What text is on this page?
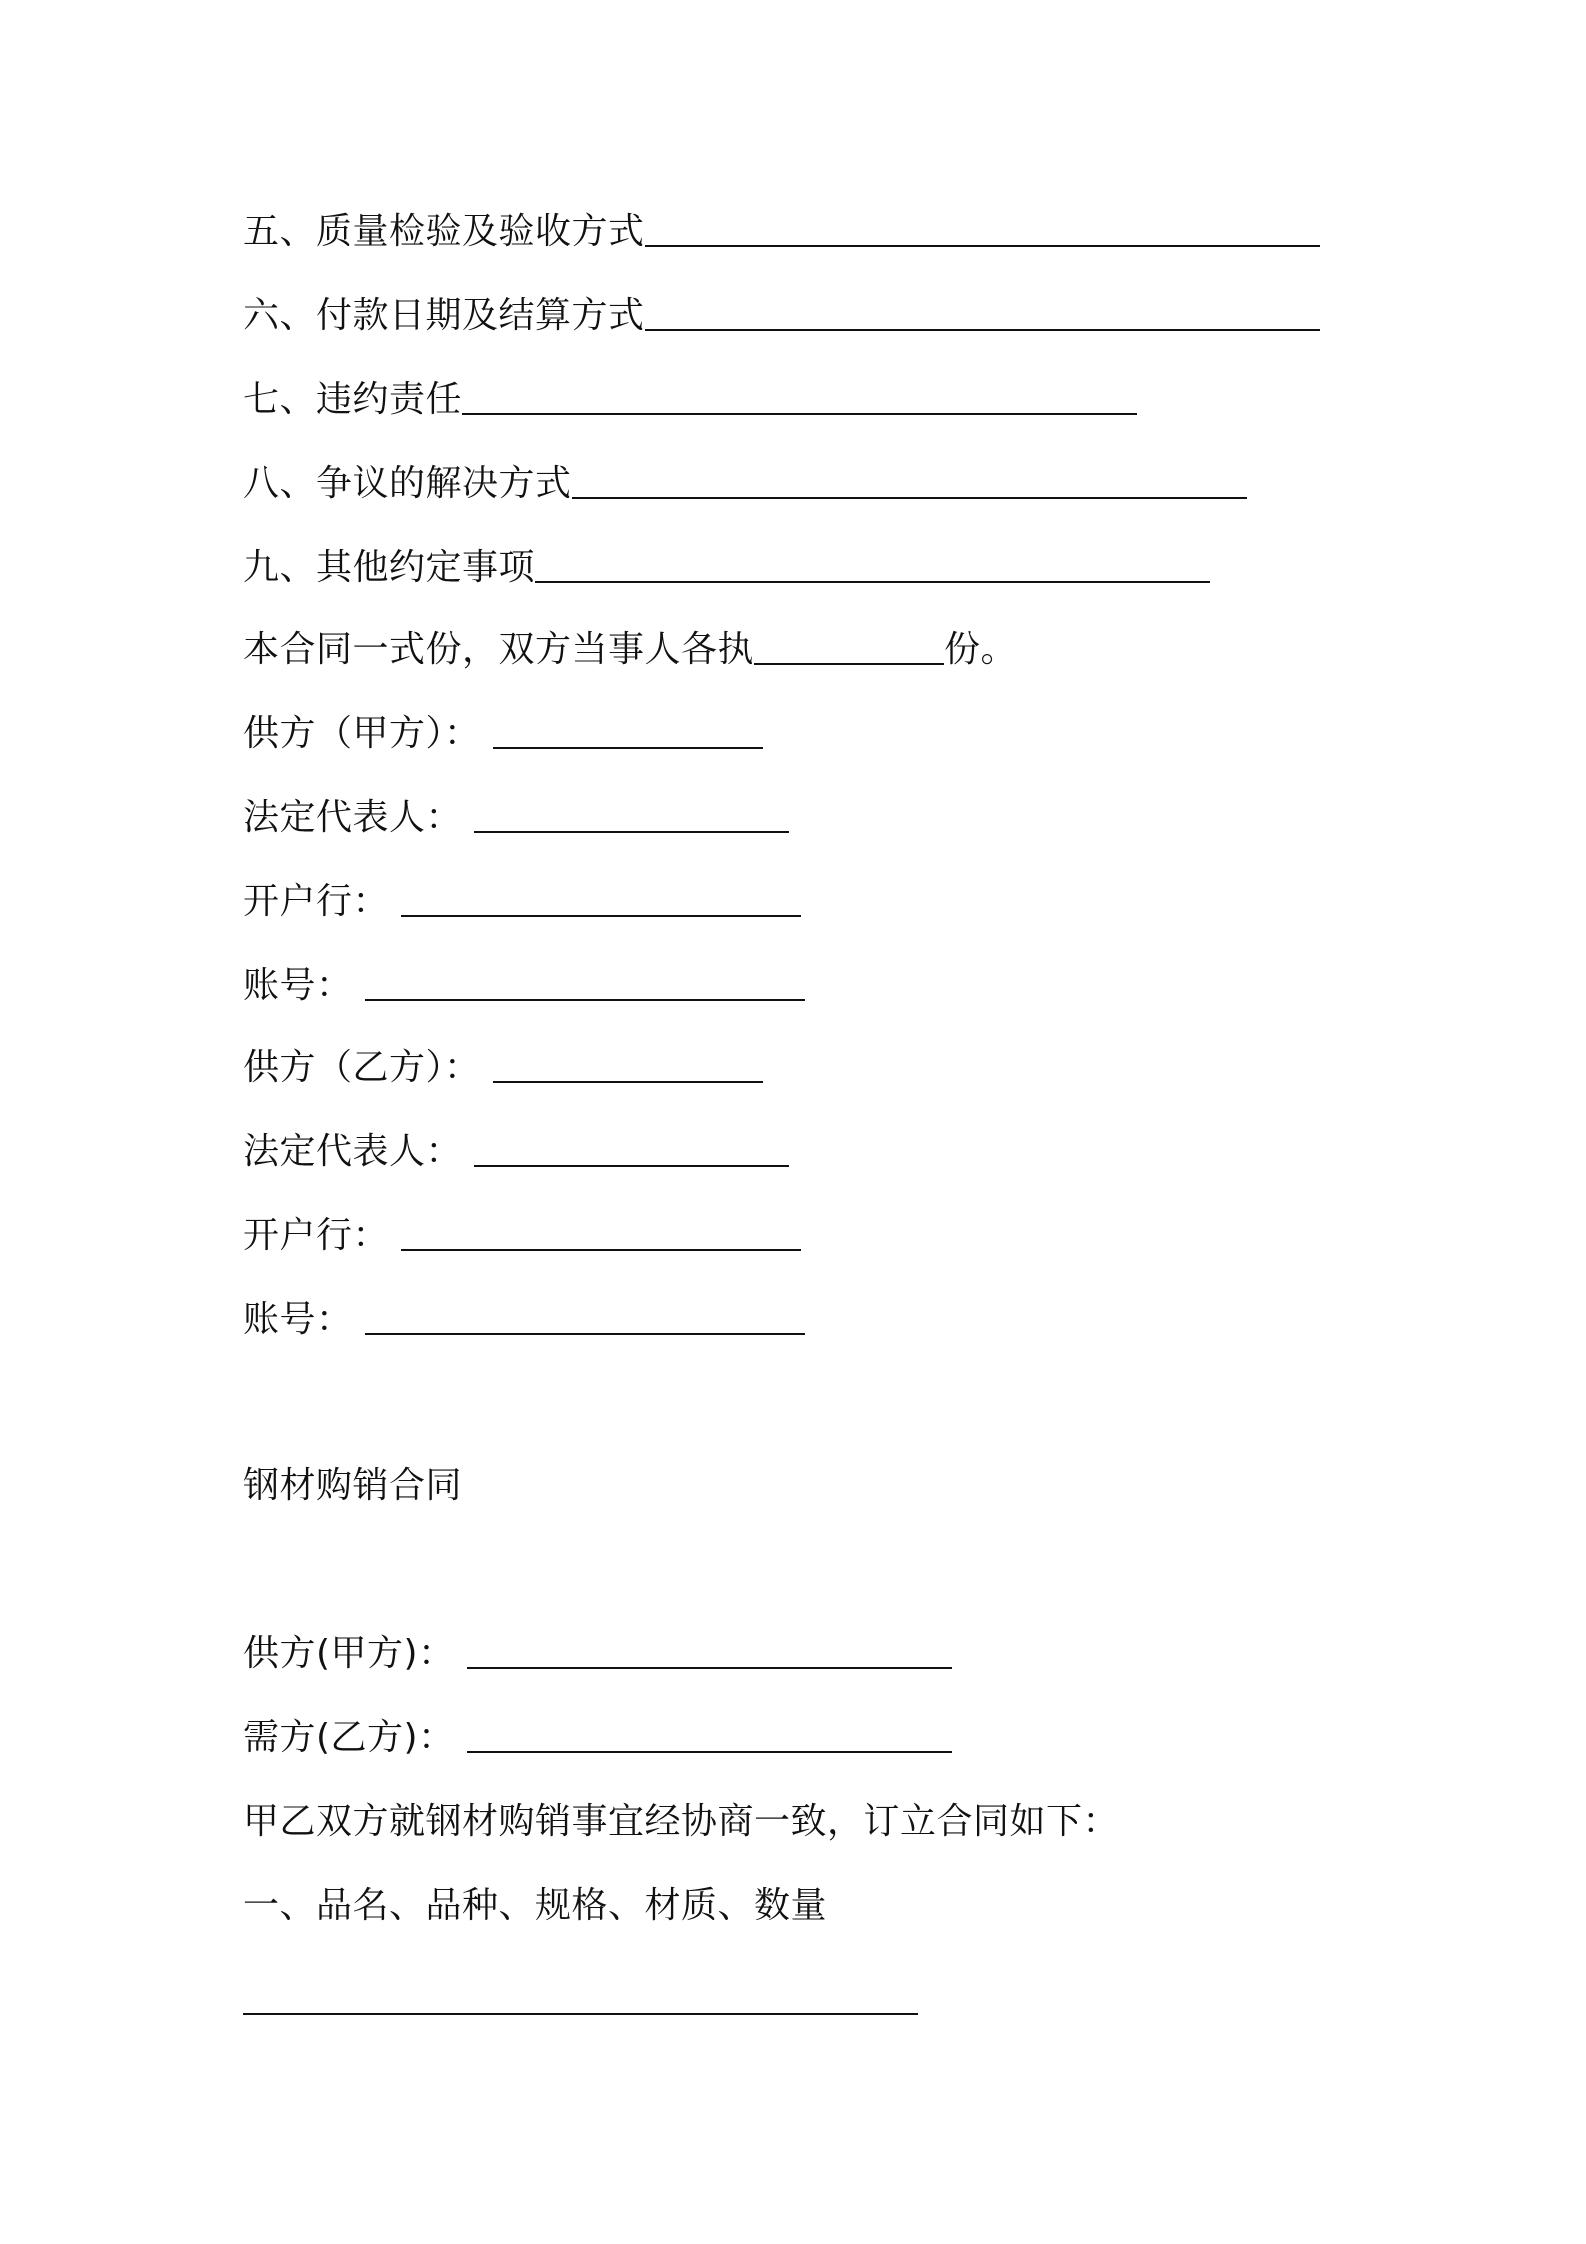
五、质量检验及验收方式
六、付款日期及结算方式
七、违约责任
八、争议的解决方式
九、其他约定事项
本合同一式份，双方当事人各执	份。
供方（甲方）：
法定代表人：
开户行：
账号：
供方（乙方）：
法定代表人：
开户行：
账号：
钢材购销合同
供方(甲方)：
需方(乙方)：
甲乙双方就钢材购销事宜经协商一致，订立合同如下：
一、品名、品种、规格、材质、数量
